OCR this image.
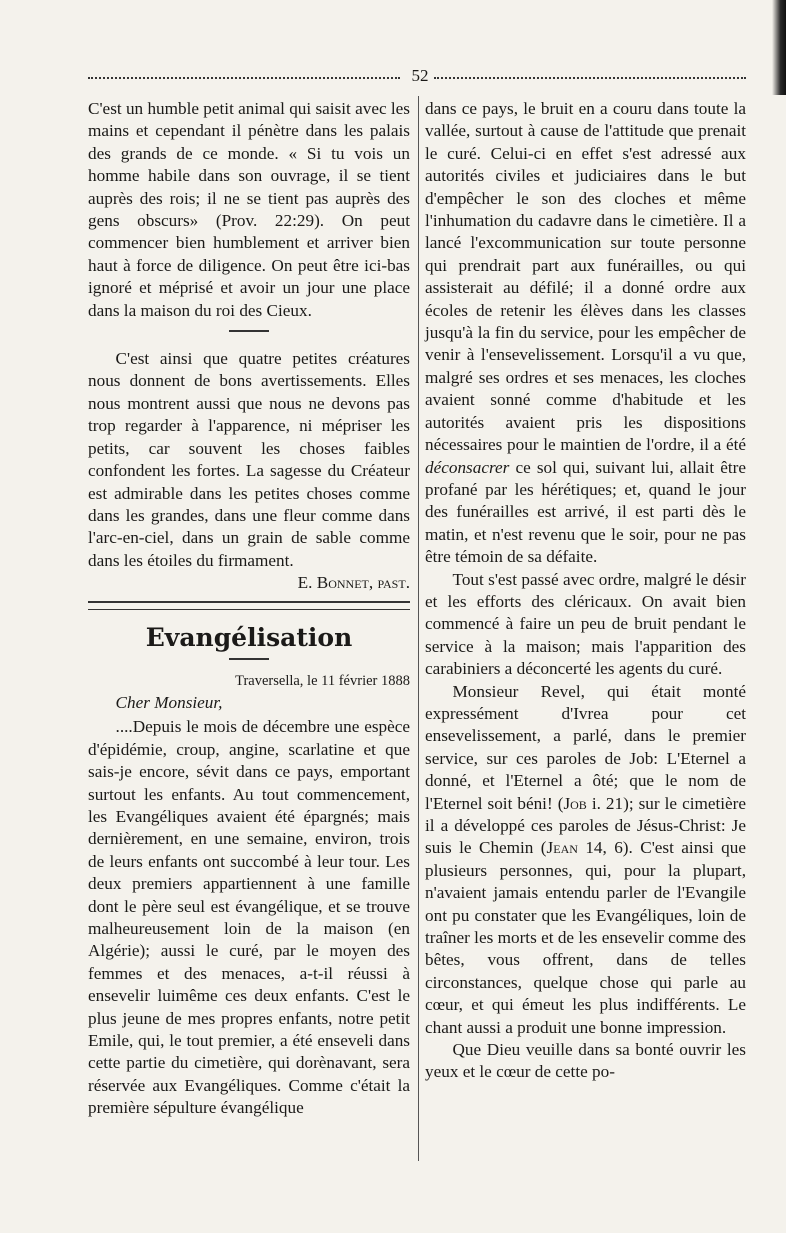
52

C'est un humble petit animal qui saisit avec les mains et cependant il pénètre dans les palais des grands de ce monde. « Si tu vois un homme habile dans son ouvrage, il se tient auprès des rois; il ne se tient pas auprès des gens obscurs» (Prov. 22:29). On peut commencer bien humblement et arriver bien haut à force de diligence. On peut être ici-bas ignoré et méprisé et avoir un jour une place dans la maison du roi des Cieux.

C'est ainsi que quatre petites créatures nous donnent de bons avertissements. Elles nous montrent aussi que nous ne devons pas trop regarder à l'apparence, ni mépriser les petits, car souvent les choses faibles confondent les fortes. La sagesse du Créateur est admirable dans les petites choses comme dans les grandes, dans une fleur comme dans l'arc-en-ciel, dans un grain de sable comme dans les étoiles du firmament.

E. Bonnet, past.
Evangélisation
Traversella, le 11 février 1888
Cher Monsieur,

....Depuis le mois de décembre une espèce d'épidémie, croup, angine, scarlatine et que sais-je encore, sévit dans ce pays, emportant surtout les enfants. Au tout commencement, les Evangéliques avaient été épargnés; mais dernièrement, en une semaine, environ, trois de leurs enfants ont succombé à leur tour. Les deux premiers appartiennent à une famille dont le père seul est évangélique, et se trouve malheureusement loin de la maison (en Algérie); aussi le curé, par le moyen des femmes et des menaces, a-t-il réussi à ensevelir luimême ces deux enfants. C'est le plus jeune de mes propres enfants, notre petit Emile, qui, le tout premier, a été enseveli dans cette partie du cimetière, qui dorènavant, sera réservée aux Evangéliques. Comme c'était la première sépulture évangélique

dans ce pays, le bruit en a couru dans toute la vallée, surtout à cause de l'attitude que prenait le curé. Celui-ci en effet s'est adressé aux autorités civiles et judiciaires dans le but d'empêcher le son des cloches et même l'inhumation du cadavre dans le cimetière. Il a lancé l'excommunication sur toute personne qui prendrait part aux funérailles, ou qui assisterait au défilé; il a donné ordre aux écoles de retenir les élèves dans les classes jusqu'à la fin du service, pour les empêcher de venir à l'ensevelissement. Lorsqu'il a vu que, malgré ses ordres et ses menaces, les cloches avaient sonné comme d'habitude et les autorités avaient pris les dispositions nécessaires pour le maintien de l'ordre, il a été déconsacrer ce sol qui, suivant lui, allait être profané par les hérétiques; et, quand le jour des funérailles est arrivé, il est parti dès le matin, et n'est revenu que le soir, pour ne pas être témoin de sa défaite.

Tout s'est passé avec ordre, malgré le désir et les efforts des cléricaux. On avait bien commencé à faire un peu de bruit pendant le service à la maison; mais l'apparition des carabiniers a déconcerté les agents du curé.

Monsieur Revel, qui était monté expressément d'Ivrea pour cet ensevelissement, a parlé, dans le premier service, sur ces paroles de Job: L'Eternel a donné, et l'Eternel a ôté; que le nom de l'Eternel soit béni! (Job i. 21); sur le cimetière il a développé ces paroles de Jésus-Christ: Je suis le Chemin (Jean 14, 6). C'est ainsi que plusieurs personnes, qui, pour la plupart, n'avaient jamais entendu parler de l'Evangile ont pu constater que les Evangéliques, loin de traîner les morts et de les ensevelir comme des bêtes, vous offrent, dans de telles circonstances, quelque chose qui parle au cœur, et qui émeut les plus indifférents. Le chant aussi a produit une bonne impression.

Que Dieu veuille dans sa bonté ouvrir les yeux et le cœur de cette po-
